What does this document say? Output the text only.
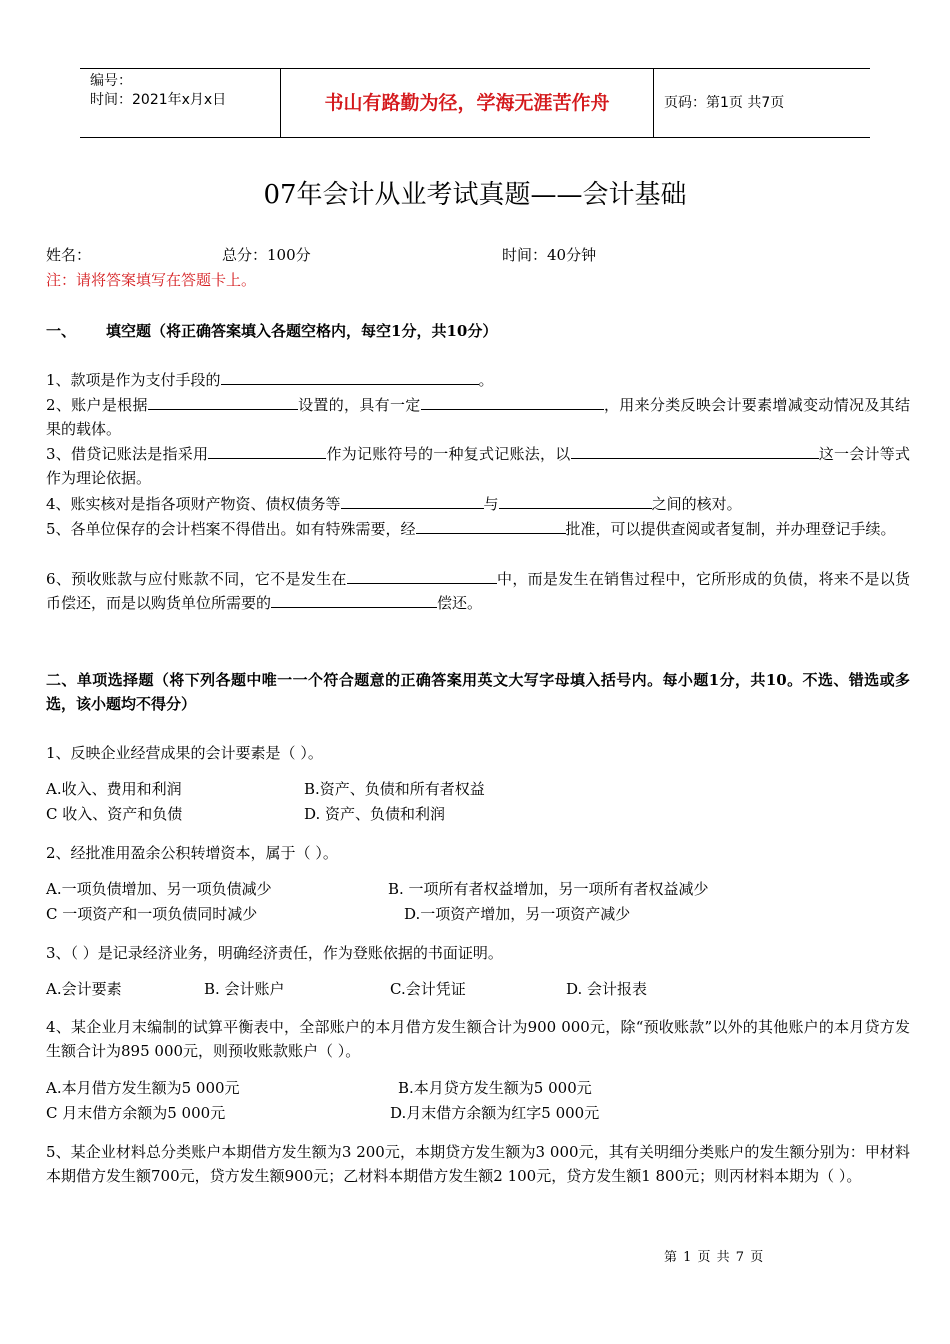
编号：
时间：2021年x月x日	书山有路勤为径，学海无涯苦作舟	页码：第1页 共7页
07年会计从业考试真题——会计基础
姓名：	总分：100分	时间：40分钟
注：请将答案填写在答题卡上。
一、 填空题（将正确答案填入各题空格内，每空1分，共10分）
1、款项是作为支付手段的	。
2、账户是根据	设置的，具有一定	，用来分类反映会计要素增减变动情况及其结果的载体。
3、借贷记账法是指采用	作为记账符号的一种复式记账法，以	这一会计等式作为理论依据。
4、账实核对是指各项财产物资、债权债务等	与	之间的核对。
5、各单位保存的会计档案不得借出。如有特殊需要，经	批准，可以提供查阅或者复制，并办理登记手续。
6、预收账款与应付账款不同，它不是发生在	中，而是发生在销售过程中，它所形成的负债，将来不是以货币偿还，而是以购货单位所需要的	偿还。
二、单项选择题（将下列各题中唯一一个符合题意的正确答案用英文大写字母填入括号内。每小题1分，共10。不选、错选或多选，该小题均不得分）
1、反映企业经营成果的会计要素是（ ）。
A.收入、费用和利润	B.资产、负债和所有者权益
C 收入、资产和负债	D. 资产、负债和利润
2、经批准用盈余公积转增资本，属于（ ）。
A.一项负债增加、另一项负债减少	B. 一项所有者权益增加，另一项所有者权益减少
C 一项资产和一项负债同时减少	D.一项资产增加，另一项资产减少
3、（ ）是记录经济业务，明确经济责任，作为登账依据的书面证明。
A.会计要素	B. 会计账户	C.会计凭证	D. 会计报表
4、某企业月末编制的试算平衡表中，全部账户的本月借方发生额合计为900 000元，除“预收账款”以外的其他账户的本月贷方发生额合计为895 000元，则预收账款账户（ ）。
A.本月借方发生额为5 000元	B.本月贷方发生额为5 000元
C 月末借方余额为5 000元	D.月末借方余额为红字5 000元
5、某企业材料总分类账户本期借方发生额为3 200元，本期贷方发生额为3 000元，其有关明细分类账户的发生额分别为：甲材料本期借方发生额700元，贷方发生额900元；乙材料本期借方发生额2 100元，贷方发生额1 800元；则丙材料本期为（ ）。
第 1 页 共 7 页
